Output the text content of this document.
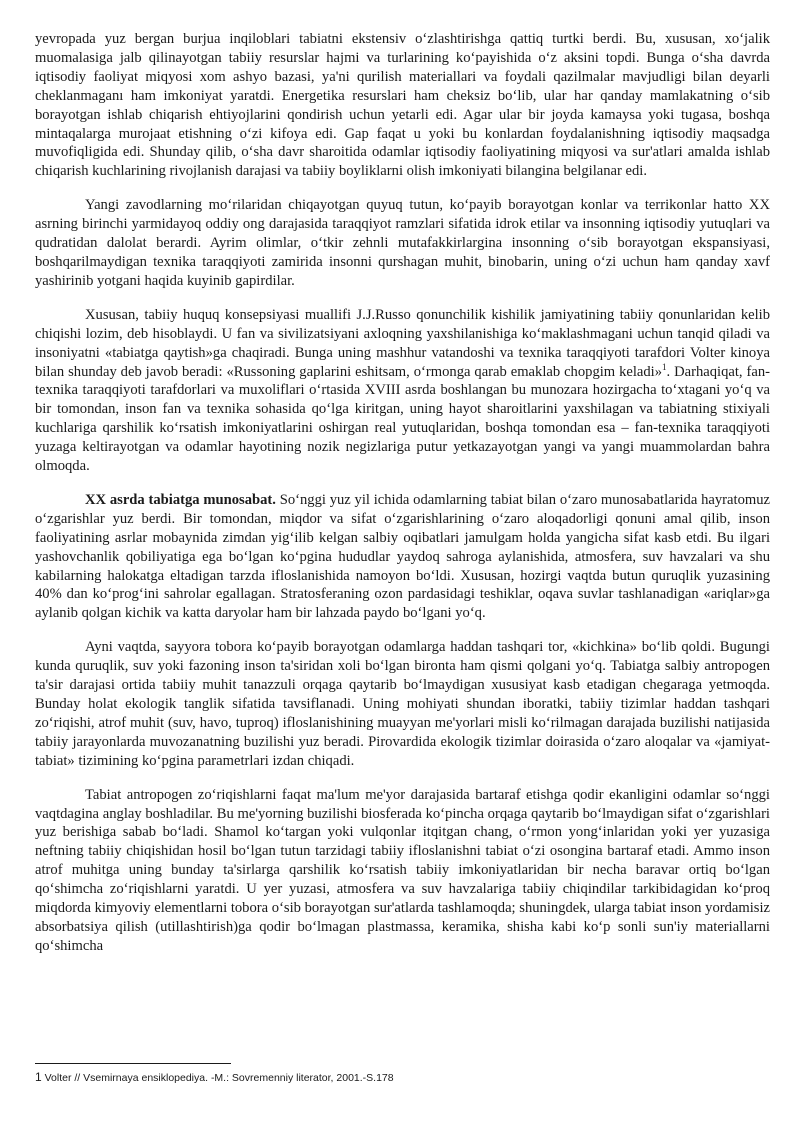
yevropada yuz bergan burjua inqiloblari tabiatni ekstensiv oʻzlashtirishga qattiq turtki berdi. Bu, xususan, xoʻjalik muomalasiga jalb qilinayotgan tabiiy resurslar hajmi va turlarining koʻpayishida oʻz aksini topdi. Bunga oʻsha davrda iqtisodiy faoliyat miqyosi xom ashyo bazasi, ya'ni qurilish materiallari va foydali qazilmalar mavjudligi bilan deyarli cheklanmaganı ham imkoniyat yaratdi. Energetika resurslari ham cheksiz boʻlib, ular har qanday mamlakatning oʻsib borayotgan ishlab chiqarish ehtiyojlarini qondirish uchun yetarli edi. Agar ular bir joyda kamaysa yoki tugasa, boshqa mintaqalarga murojaat etishning oʻzi kifoya edi. Gap faqat u yoki bu konlardan foydalanishning iqtisodiy maqsadga muvofiqligida edi. Shunday qilib, oʻsha davr sharoitida odamlar iqtisodiy faoliyatining miqyosi va sur'atlari amalda ishlab chiqarish kuchlarining rivojlanish darajasi va tabiiy boyliklarni olish imkoniyati bilangina belgilanar edi.

Yangi zavodlarning moʻrilaridan chiqayotgan quyuq tutun, koʻpayib borayotgan konlar va terrikonlar hatto XX asrning birinchi yarmidayoq oddiy ong darajasida taraqqiyot ramzlari sifatida idrok etilar va insonning iqtisodiy yutuqlari va qudratidan dalolat berardi. Ayrim olimlar, oʻtkir zehnli mutafakkirlargina insonning oʻsib borayotgan ekspansiyasi, boshqarilmaydigan texnika taraqqiyoti zamirida insonni qurshagan muhit, binobarin, uning oʻzi uchun ham qanday xavf yashirinib yotgani haqida kuyinib gapirdilar.

Xususan, tabiiy huquq konsepsiyasi muallifi J.J.Russo qonunchilik kishilik jamiyatining tabiiy qonunlaridan kelib chiqishi lozim, deb hisoblaydi. U fan va sivilizatsiyani axloqning yaxshilanishiga koʻmaklashmagani uchun tanqid qiladi va insoniyatni «tabiatga qaytish»ga chaqiradi. Bunga uning mashhur vatandoshi va texnika taraqqiyoti tarafdori Volter kinoya bilan shunday deb javob beradi: «Russoning gaplarini eshitsam, oʻrmonga qarab emaklab chopgim keladi»$^1$. Darhaqiqat, fan-texnika taraqqiyoti tarafdorlari va muxoliflari oʻrtasida XVIII asrda boshlangan bu munozara hozirgacha toʻxtagani yoʻq va bir tomondan, inson fan va texnika sohasida qoʻlga kiritgan, uning hayot sharoitlarini yaxshilagan va tabiatning stixiyali kuchlariga qarshilik koʻrsatish imkoniyatlarini oshirgan real yutuqlaridan, boshqa tomondan esa – fan-texnika taraqqiyoti yuzaga keltirayotgan va odamlar hayotining nozik negizlariga putur yetkazayotgan yangi va yangi muammolardan bahra olmoqda.

XX asrda tabiatga munosabat. Soʻnggi yuz yil ichida odamlarning tabiat bilan oʻzaro munosabatlarida hayratomuz oʻzgarishlar yuz berdi. Bir tomondan, miqdor va sifat oʻzgarishlarining oʻzaro aloqadorligi qonuni amal qilib, inson faoliyatining asrlar mobaynida zimdan yigʻilib kelgan salbiy oqibatlari jamulgam holda yangicha sifat kasb etdi. Bu ilgari yashovchanlik qobiliyatiga ega boʻlgan koʻpgina hududlar yaydoq sahroga aylanishida, atmosfera, suv havzalari va shu kabilarning halokatga eltadigan tarzda ifloslanishida namoyon boʻldi. Xususan, hozirgi vaqtda butun quruqlik yuzasining 40% dan koʻprogʻini sahrolar egallagan. Stratosferaning ozon pardasidagi teshiklar, oqava suvlar tashlanadigan «ariqlar»ga aylanib qolgan kichik va katta daryolar ham bir lahzada paydo boʻlgani yoʻq.

Ayni vaqtda, sayyora tobora koʻpayib borayotgan odamlarga haddan tashqari tor, «kichkina» boʻlib qoldi. Bugungi kunda quruqlik, suv yoki fazoning inson ta'siridan xoli boʻlgan bironta ham qismi qolgani yoʻq. Tabiatga salbiy antropogen ta'sir darajasi ortida tabiiy muhit tanazzuli orqaga qaytarib boʻlmaydigan xususiyat kasb etadigan chegaraga yetmoqda. Bunday holat ekologik tanglik sifatida tavsiflanadi. Uning mohiyati shundan iboratki, tabiiy tizimlar haddan tashqari zoʻriqishi, atrof muhit (suv, havo, tuproq) ifloslanishining muayyan me'yorlari misli koʻrilmagan darajada buzilishi natijasida tabiiy jarayonlarda muvozanatning buzilishi yuz beradi. Pirovardida ekologik tizimlar doirasida oʻzaro aloqalar va «jamiyat-tabiat» tizimining koʻpgina parametrlari izdan chiqadi.

Tabiat antropogen zoʻriqishlarni faqat ma'lum me'yor darajasida bartaraf etishga qodir ekanligini odamlar soʻnggi vaqtdagina anglay boshladilar. Bu me'yorning buzilishi biosferada koʻpincha orqaga qaytarib boʻlmaydigan sifat oʻzgarishlari yuz berishiga sabab boʻladi. Shamol koʻtargan yoki vulqonlar itqitgan chang, oʻrmon yongʻinlaridan yoki yer yuzasiga neftning tabiiy chiqishidan hosil boʻlgan tutun tarzidagi tabiiy ifloslanishni tabiat oʻzi osongina bartaraf etadi. Ammo inson atrof muhitga uning bunday ta'sirlarga qarshilik koʻrsatish tabiiy imkoniyatlaridan bir necha baravar ortiq boʻlgan qoʻshimcha zoʻriqishlarni yaratdi. U yer yuzasi, atmosfera va suv havzalariga tabiiy chiqindilar tarkibidagidan koʻproq miqdorda kimyoviy elementlarni tobora oʻsib borayotgan sur'atlarda tashlamoqda; shuningdek, ularga tabiat inson yordamisiz absorbatsiya qilish (utillashtirish)ga qodir boʻlmagan plastmassa, keramika, shisha kabi koʻp sonli sun'iy materiallarni qoʻshimcha

1 Volter // Vsemirnaya ensiklopediya. -M.: Sovremenniy literator, 2001.-S.178
